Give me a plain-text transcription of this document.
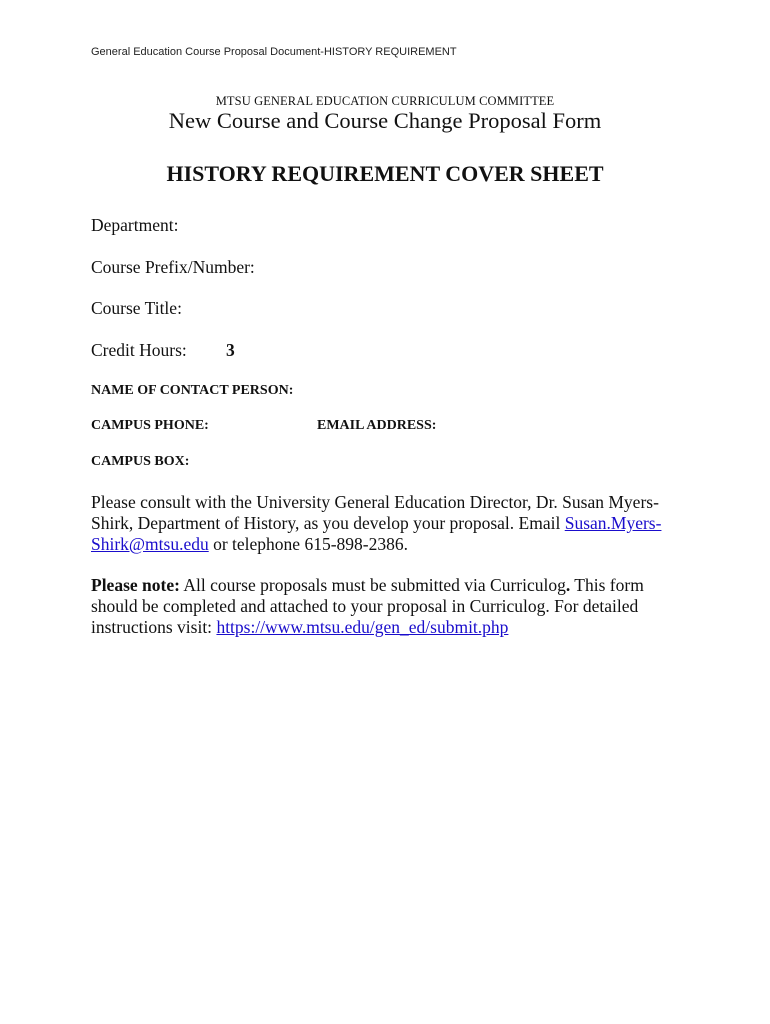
General Education Course Proposal Document-HISTORY REQUIREMENT
MTSU GENERAL EDUCATION CURRICULUM COMMITTEE
New Course and Course Change Proposal Form
HISTORY REQUIREMENT COVER SHEET
Department:
Course Prefix/Number:
Course Title:
Credit Hours: 3
NAME OF CONTACT PERSON:
CAMPUS PHONE:	EMAIL ADDRESS:
CAMPUS BOX:
Please consult with the University General Education Director, Dr. Susan Myers-
Shirk, Department of History, as you develop your proposal. Email Susan.Myers-
Shirk@mtsu.edu or telephone 615-898-2386.
Please note: All course proposals must be submitted via Curriculog. This form
should be completed and attached to your proposal in Curriculog. For detailed
instructions visit: https://www.mtsu.edu/gen_ed/submit.php
